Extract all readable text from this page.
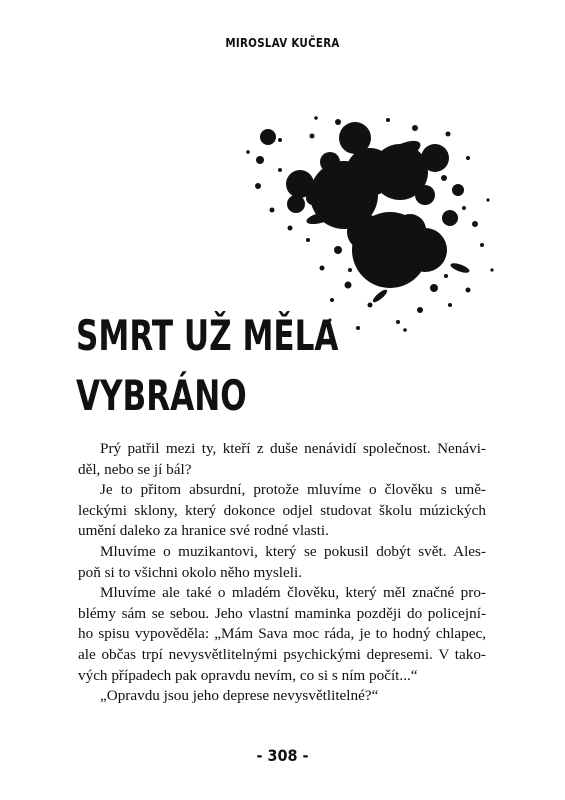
MIROSLAV KUČERA
SMRT UŽ MĚLA
VYBRÁNO
Prý patřil mezi ty, kteří z duše nenávidí společnost. Nenávi-
děl, nebo se jí bál?
Je to přitom absurdní, protože mluvíme o člověku s umě-
leckými sklony, který dokonce odjel studovat školu múzických
umění daleko za hranice své rodné vlasti.
Mluvíme o muzikantovi, který se pokusil dobýt svět. Ales-
poň si to všichni okolo něho mysleli.
Mluvíme ale také o mladém člověku, který měl značné pro-
blémy sám se sebou. Jeho vlastní maminka později do policejní-
ho spisu vypověděla: „Mám Sava moc ráda, je to hodný chlapec,
ale občas trpí nevysvětlitelnými psychickými depresemi. V tako-
vých případech pak opravdu nevím, co si s ním počít...“
„Opravdu jsou jeho deprese nevysvětlitelné?“
- 308 -
